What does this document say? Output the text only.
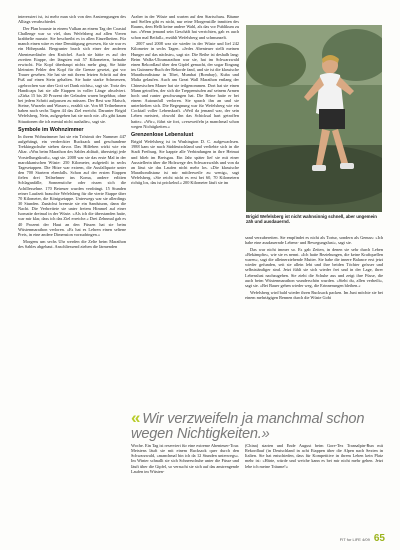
interessiert ist, ist mehr man sich von den Anstrengungen des Alltags verabschiedet.

Der Plan brauste in einem Vulkan an einem Tag der Coastal Challenge war so viel, dass Wefelsberg auf allen Vieren krabbelte musste. Sie beschreibt es in allen Einzelheiten. Für manch einen wäre es eine Demütigung gewesen, für sie war es ein Höhepunkt. Bergrunter brach sich einer der anderen Abenteuerläufer den Knöchel. Auch sie hätte es auf der zweiten Etappe, der längsten mit 57 Kilometern, beinahe erwischt. Für Kopf überhaupt nichts mehr ging. Sie hätte kleinsten Fehler den Kopf für die Grenze gesetzt, gut vor Trauer gesehen. Sie hat sie mit ihrem letzten Schritt auf den Fuß auf einen Stein gehalten. Sie hatte starke Schmerzen, »gebrochen war aber Gott sei Dank nichts«, sagt sie. Trotz des Handicaps hat sie alle Etappen in voller Länge absolviert. »Zirka 15 bis 20 Prozent der Gelaufen waren begehbar, ohne bei jedem Schritt aufpassen zu müssen. Der Rest war Matsch, Steine, Wurzeln und Wasser«, erzählt sie. Von 68 Teilnehmern haben nach sechs Tagen 44 das Ziel erreicht. Darunter Brigid Wefelsberg. Nein, aufgegeben hat sie noch nie. »Es gibt kaum Situationen die ich mental nicht aushalte«, sagt sie.

Symbole im Wohnzimmer

In ihrem Wohnzimmer hat sie ein Tröstmit der Nummer 447 aufgehängt, ein verdreckter Rucksack und geschundene Trekkingschuhe stehen davor. Das Hilfeben wirkt wie ein Altar. »Was beim Marathon des Sables abläuft, übersteigt jede Vorstellungskraft«, sagt sie. 2008 war sie das erste Mal in der marokkanischen Wüste: 250 Kilometer, aufgeteilt in sechs Tagesetappen. Die Hitze war extrem, die Ausfallquote unter den 700 Startern ebenfalls. Schon auf der ersten Etappen fielen drei Teilnehmer ins Koma, andere erlitten Schlaganfälle, Sonnenstiche oder rissen sich die Achillessehne. 170 Betreuer wurden verdrängt. 15 Stunden reiner Laufzeit brauchte Wefelsberg für die vierte Etappe über 70 Kilometer, die Königsetappe. Unterwegs war sie allerdings 30 Stunden. Zunächst bremste sie ein Sandsturm, dann die Nacht. Die Verbreitete sie unter freiem Himmel auf einer Isomatte dreimal in der Wüste. »Als ich die überstanden hatte, war mir klar, dass ich das Ziel erreiche.« Drei Zehnmal gab es 40 Prozent der Haut an den Füssen hat sie beim Wüstenmarathon verloren. »Es hat es Lehren einen seltene Preis, in eine andere Dimension vorzudringen.«

Morgens um sechs Uhr werden die Zelte beim Marathon des Sables abgebaut. Anschliessend ziehen die lärmenden

Araber in der Wüste und warten auf den Startschuss. Bäume und Stellen gibt es nicht, nur reine Morgenstille inmitten des Raums, dem Hellt keine andere Wahl, als das vor Publikum zu tun. »Wenn jemand sein Geschäft hat verrichten, gab es auch schon mal Beifall«, erzählt Wefelsberg und schmunzelt.

2007 und 2008 war sie wieder in der Wüste und lief 242 Kilometer in sechs Tagen. »Jedes Abenteuer stellt meinen Hunger auf das nächste«, sagt sie. Die Reihe ist deshalb lang: Beim Walks-Ultramarathon war sie, hat im Schwarzwald einen Rekordlauf über den Gipfel gemacht, der sogar Eingang ins Guinness-Buch der Rekorde fand, und sie ist die klassische Marathondistanz in Tibet, Mumbai (Bombay), Kuba und Malta gelaufen. Auch am Great Wall Marathon entlang der Chinesischen Mauer hat sie teilgenommen. Dort hat sie einen Mann getroffen, der sich die Treppenstufen auf seinem Armen hoch und runter geschwungen hat. Die Beine hatte er bei einem Autounfall verloren. Sie sprach ihn an und sie unterhielten sich. Die Begegnung war für Wefelsberg wie ein Cocktail voller Lebenskraft. »Weil da jemand war, der sein Leben meistert, obwohl ihn das Schicksal hart getroffen hatte«. »Wir«, führt sie fort, »verzweifeln ja manchmal schon wegen Nichtigkeiten.«

Grenzenlose Lebenslust

Brigid Wefelsberg ist in Washington D. C. aufgewachsen. 1988 kam sie nach Süddeutschland und verliebte sich in die Stadt Freiburg. Sie kappte alle Verbindungen in ihre Heimat und blieb im Breisgau. Ein Jahr später lief sie mit einer Ausstellerin über die Holzwege des Schwarzwalds und von da an lässt sie das Laufen nicht mehr los. »Die klassische Marathondistanz ist mir mittlerweile zu wenig«, sagt Wefelsberg. »Sie reicht nicht es erst bei 60, 70 Kilometern richtig los, das ist prickelnd.« 200 Kilometer läuft sie im

Brigid Wefelsberg ist nicht wahnsinnig schnell, aber ungemein zäh und ausdauernd.

sand verzubereiten. Sie empfindet es nicht als Tortur, sondern als Genuss: »Ich habe eine ausdauernde Lebens- und Bewegungslust«, sagt sie.

Das war nicht immer so. Es gab Zeiten, in denen sie sehr durch Leben »Bekämpfte«, wie sie es nennt. »Ich hatte Beziehungen, die keine Kraftquellen waren«, sagt die alleinerziehende Mutter. Sie habe die innere Balance erst jetzt wieder gefunden, seit sie allein lebt und ihre beiden Töchter grösser und selbstständiger sind. Jetzt fühlt sie sich wieder frei und in der Lage, ihrer Lebenslust nachzugehen. Sie zieht die Schuhe aus und zeigt ihre Füsse, die auch beim Wüstenmarathon wunderschön wurden. »Sieht du, allen verheilt«, sagt sie. »Bei Bauer gehen wieder weg, die Erinnerungen bleiben.«

Wefelsberg wird bald wieder ihren Rucksack packen. Im Juni möchte sie bei einem mehrtägigen Rennen durch die Wüste Gobi

« Wir verzweifeln ja manchmal schon wegen Nichtigkeiten.»

Woche. Ein Tag ist reserviert für eine extreme Abenteuer-Tour. Meistens läuft sie mit einem Rucksack quer durch den Schwarzwald, »manchmal bin ich da 12 Stunden unterwegs«. Im Winter schnallt sie sich Schneeschuhe unter die Füsse und läuft über die Gipfel, so versucht sie sich auf das anstrengende Laufen im Wüsten-

(China) starten und Ende August beim Gore-Tex Transalpin-Run mit Rekordlauf (in Deutschland in acht Etappen über die Alpen nach Sexten in Italien. Sie hat entschieden, dass für Kompetitive in ihrem Leben kein Platz mehr ist: »Härte, würde und weiche kann es bei mir nicht mehr gehen. Jetzt lebe ich meine Träume!«

FIT for LIFE 4/09 65
